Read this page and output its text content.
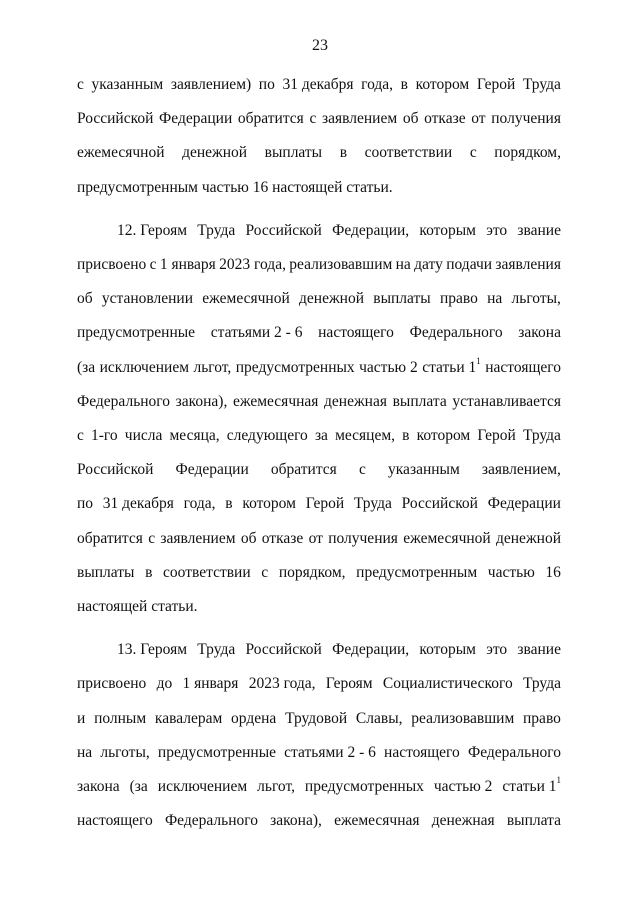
23
с указанным заявлением) по 31 декабря года, в котором Герой Труда
Российской Федерации обратится с заявлением об отказе от получения
ежемесячной денежной выплаты в соответствии с порядком,
предусмотренным частью 16 настоящей статьи.
12. Героям Труда Российской Федерации, которым это звание
присвоено с 1 января 2023 года, реализовавшим на дату подачи заявления
об установлении ежемесячной денежной выплаты право на льготы,
предусмотренные статьями 2 - 6 настоящего Федерального закона
(за исключением льгот, предусмотренных частью 2 статьи $1^1$ настоящего
Федерального закона), ежемесячная денежная выплата устанавливается
с 1-го числа месяца, следующего за месяцем, в котором Герой Труда
Российской Федерации обратится с указанным заявлением,
по 31 декабря года, в котором Герой Труда Российской Федерации
обратится с заявлением об отказе от получения ежемесячной денежной
выплаты в соответствии с порядком, предусмотренным частью 16
настоящей статьи.
13. Героям Труда Российской Федерации, которым это звание
присвоено до 1 января 2023 года, Героям Социалистического Труда
и полным кавалерам ордена Трудовой Славы, реализовавшим право
на льготы, предусмотренные статьями 2 - 6 настоящего Федерального
закона (за исключением льгот, предусмотренных частью 2 статьи $1^1$
настоящего Федерального закона), ежемесячная денежная выплата
